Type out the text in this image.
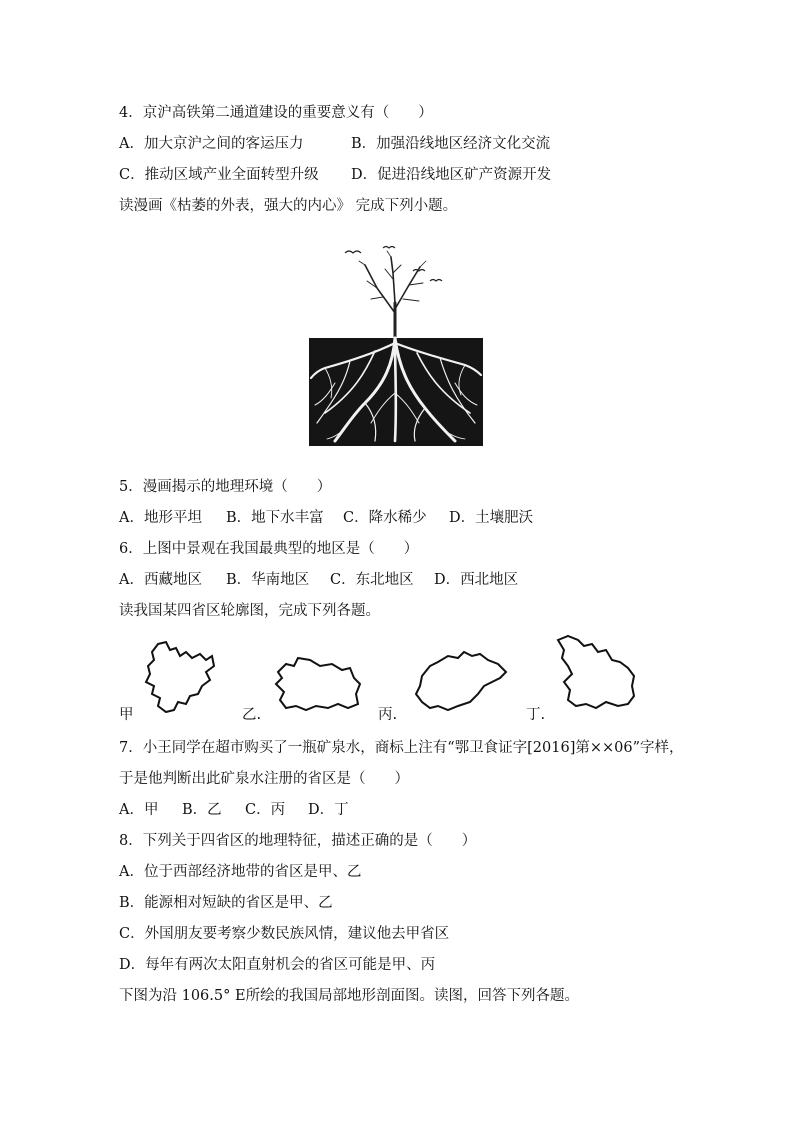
4．京沪高铁第二通道建设的重要意义有（　　）
A．加大京沪之间的客运压力	B．加强沿线地区经济文化交流
C．推动区域产业全面转型升级 D．促进沿线地区矿产资源开发
读漫画《枯萎的外表，强大的内心》 完成下列小题。
5．漫画揭示的地理环境（　　）
A．地形平坦 B．地下水丰富 C．降水稀少 D．土壤肥沃
6．上图中景观在我国最典型的地区是（　　）
A．西藏地区 B．华南地区 C．东北地区 D．西北地区
读我国某四省区轮廓图，完成下列各题。
甲	乙.	丙.	丁.
7．小王同学在超市购买了一瓶矿泉水，商标上注有“鄂卫食证字[2016]第××06”字样，
于是他判断出此矿泉水注册的省区是（　　）
A．甲 B．乙 C．丙 D．丁
8．下列关于四省区的地理特征，描述正确的是（　　）
A．位于西部经济地带的省区是甲、乙
B．能源相对短缺的省区是甲、乙
C．外国朋友要考察少数民族风情，建议他去甲省区
D．每年有两次太阳直射机会的省区可能是甲、丙
下图为沿 106.5° E所绘的我国局部地形剖面图。读图，回答下列各题。
